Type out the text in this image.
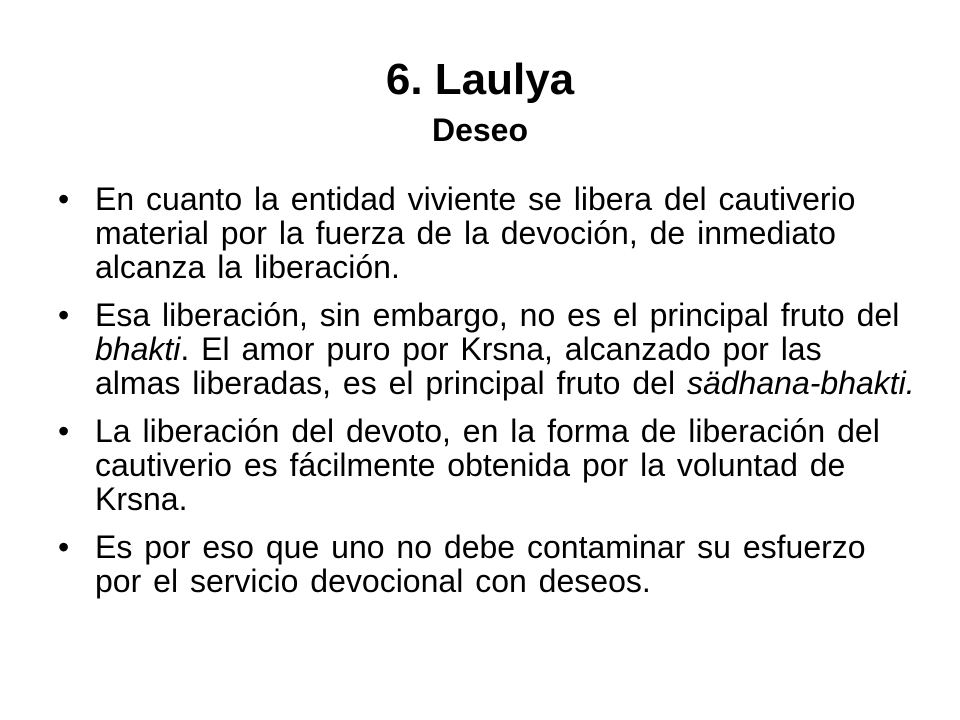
6. Laulya
Deseo
• En cuanto la entidad viviente se libera del cautiverio material por la fuerza de la devoción, de inmediato alcanza la liberación.
• Esa liberación, sin embargo, no es el principal fruto del bhakti. El amor puro por Krsna, alcanzado por las almas liberadas, es el principal fruto del sädhana-bhakti.
• La liberación del devoto, en la forma de liberación del cautiverio es fácilmente obtenida por la voluntad de Krsna.
• Es por eso que uno no debe contaminar su esfuerzo por el servicio devocional con deseos.
